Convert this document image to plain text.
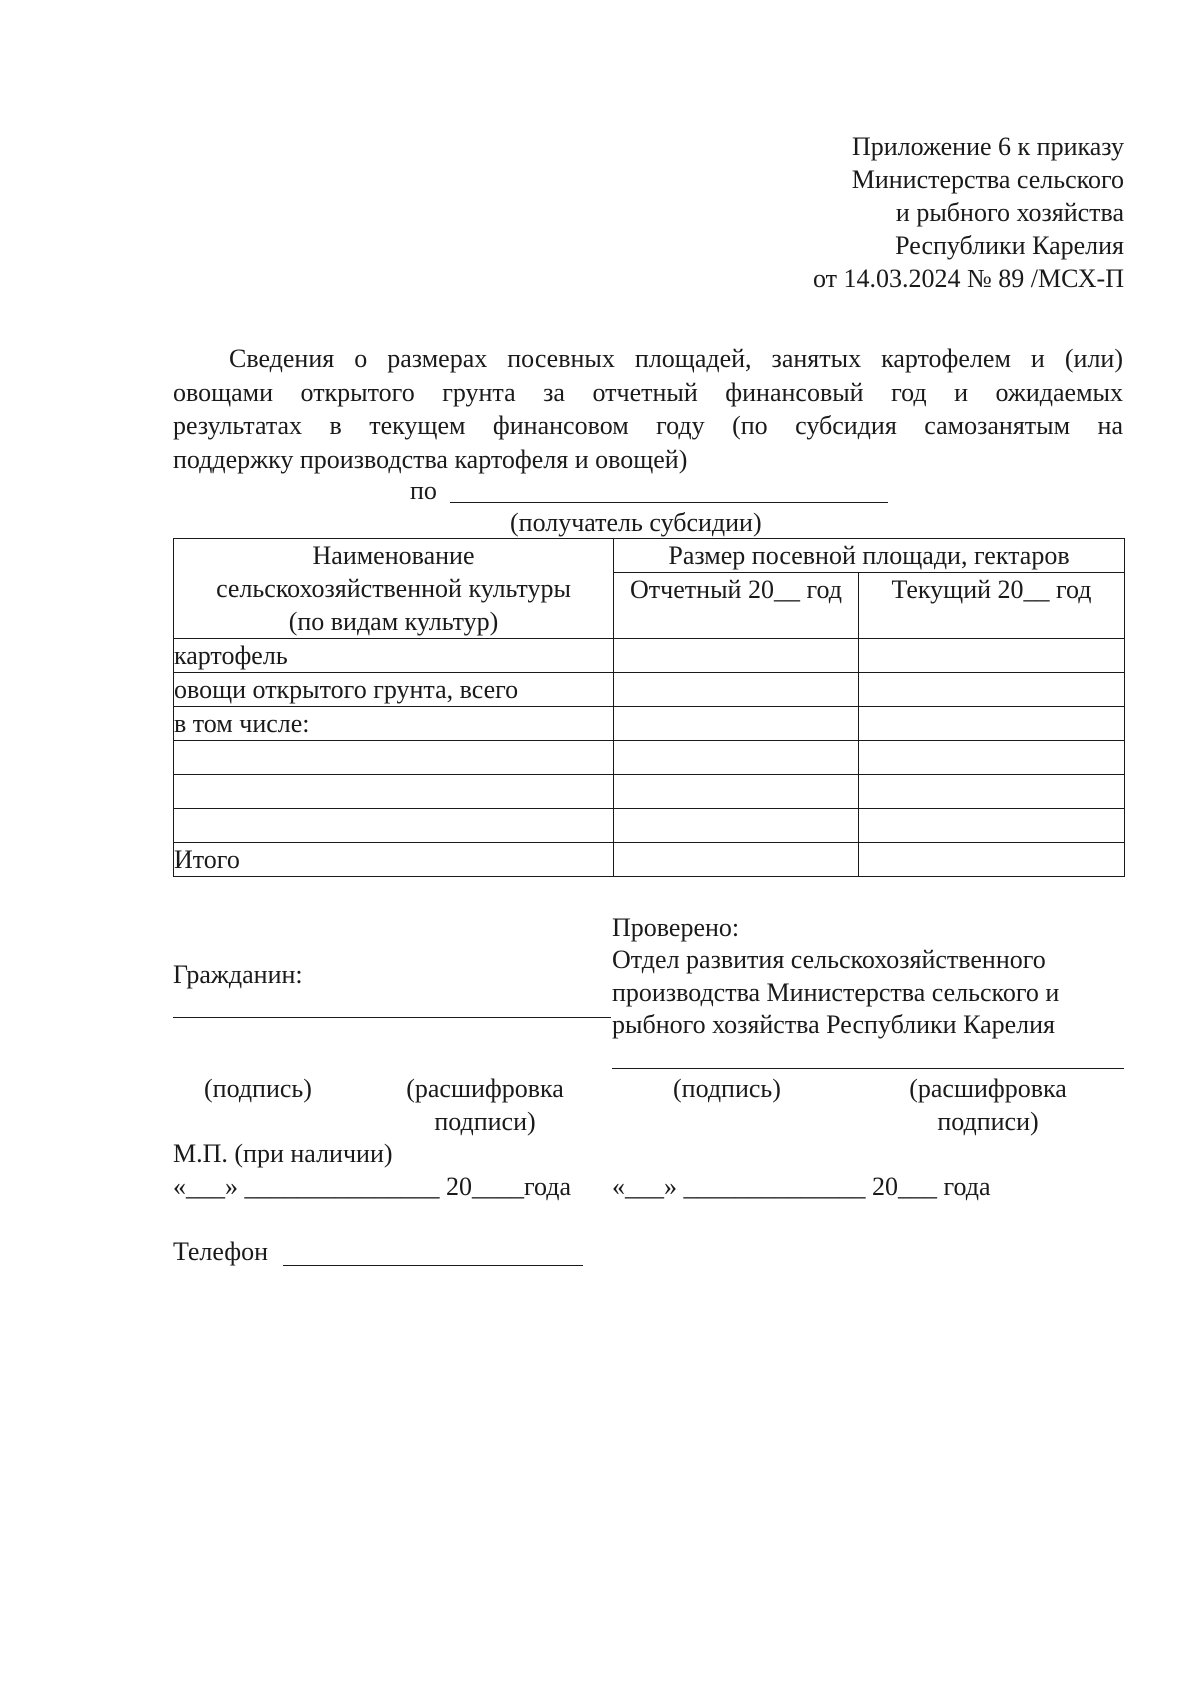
Приложение 6 к приказу
Министерства сельского
и рыбного хозяйства
Республики Карелия
от 14.03.2024 № 89 /МСХ-П
Сведения о размерах посевных площадей, занятых картофелем и (или)
овощами открытого грунта за отчетный финансовый год и ожидаемых
результатах в текущем финансовом году (по субсидия самозанятым на
поддержку производства картофеля и овощей)
по
(получатель субсидии)
Наименование
сельскохозяйственной культуры
(по видам культур)	Размер посевной площади, гектаров	
	Отчетный 20__ год	Текущий 20__ год
картофель		
овощи открытого грунта, всего		
в том числе:		

Итого		
Проверено:
Отдел развития сельскохозяйственного
производства Министерства сельского и
рыбного хозяйства Республики Карелия
Гражданин:
(подпись)	(расшифровка
подписи)
(подпись)	(расшифровка
подписи)
М.П. (при наличии)
«___» _______________ 20____года «___» ______________ 20___ года
Телефон
